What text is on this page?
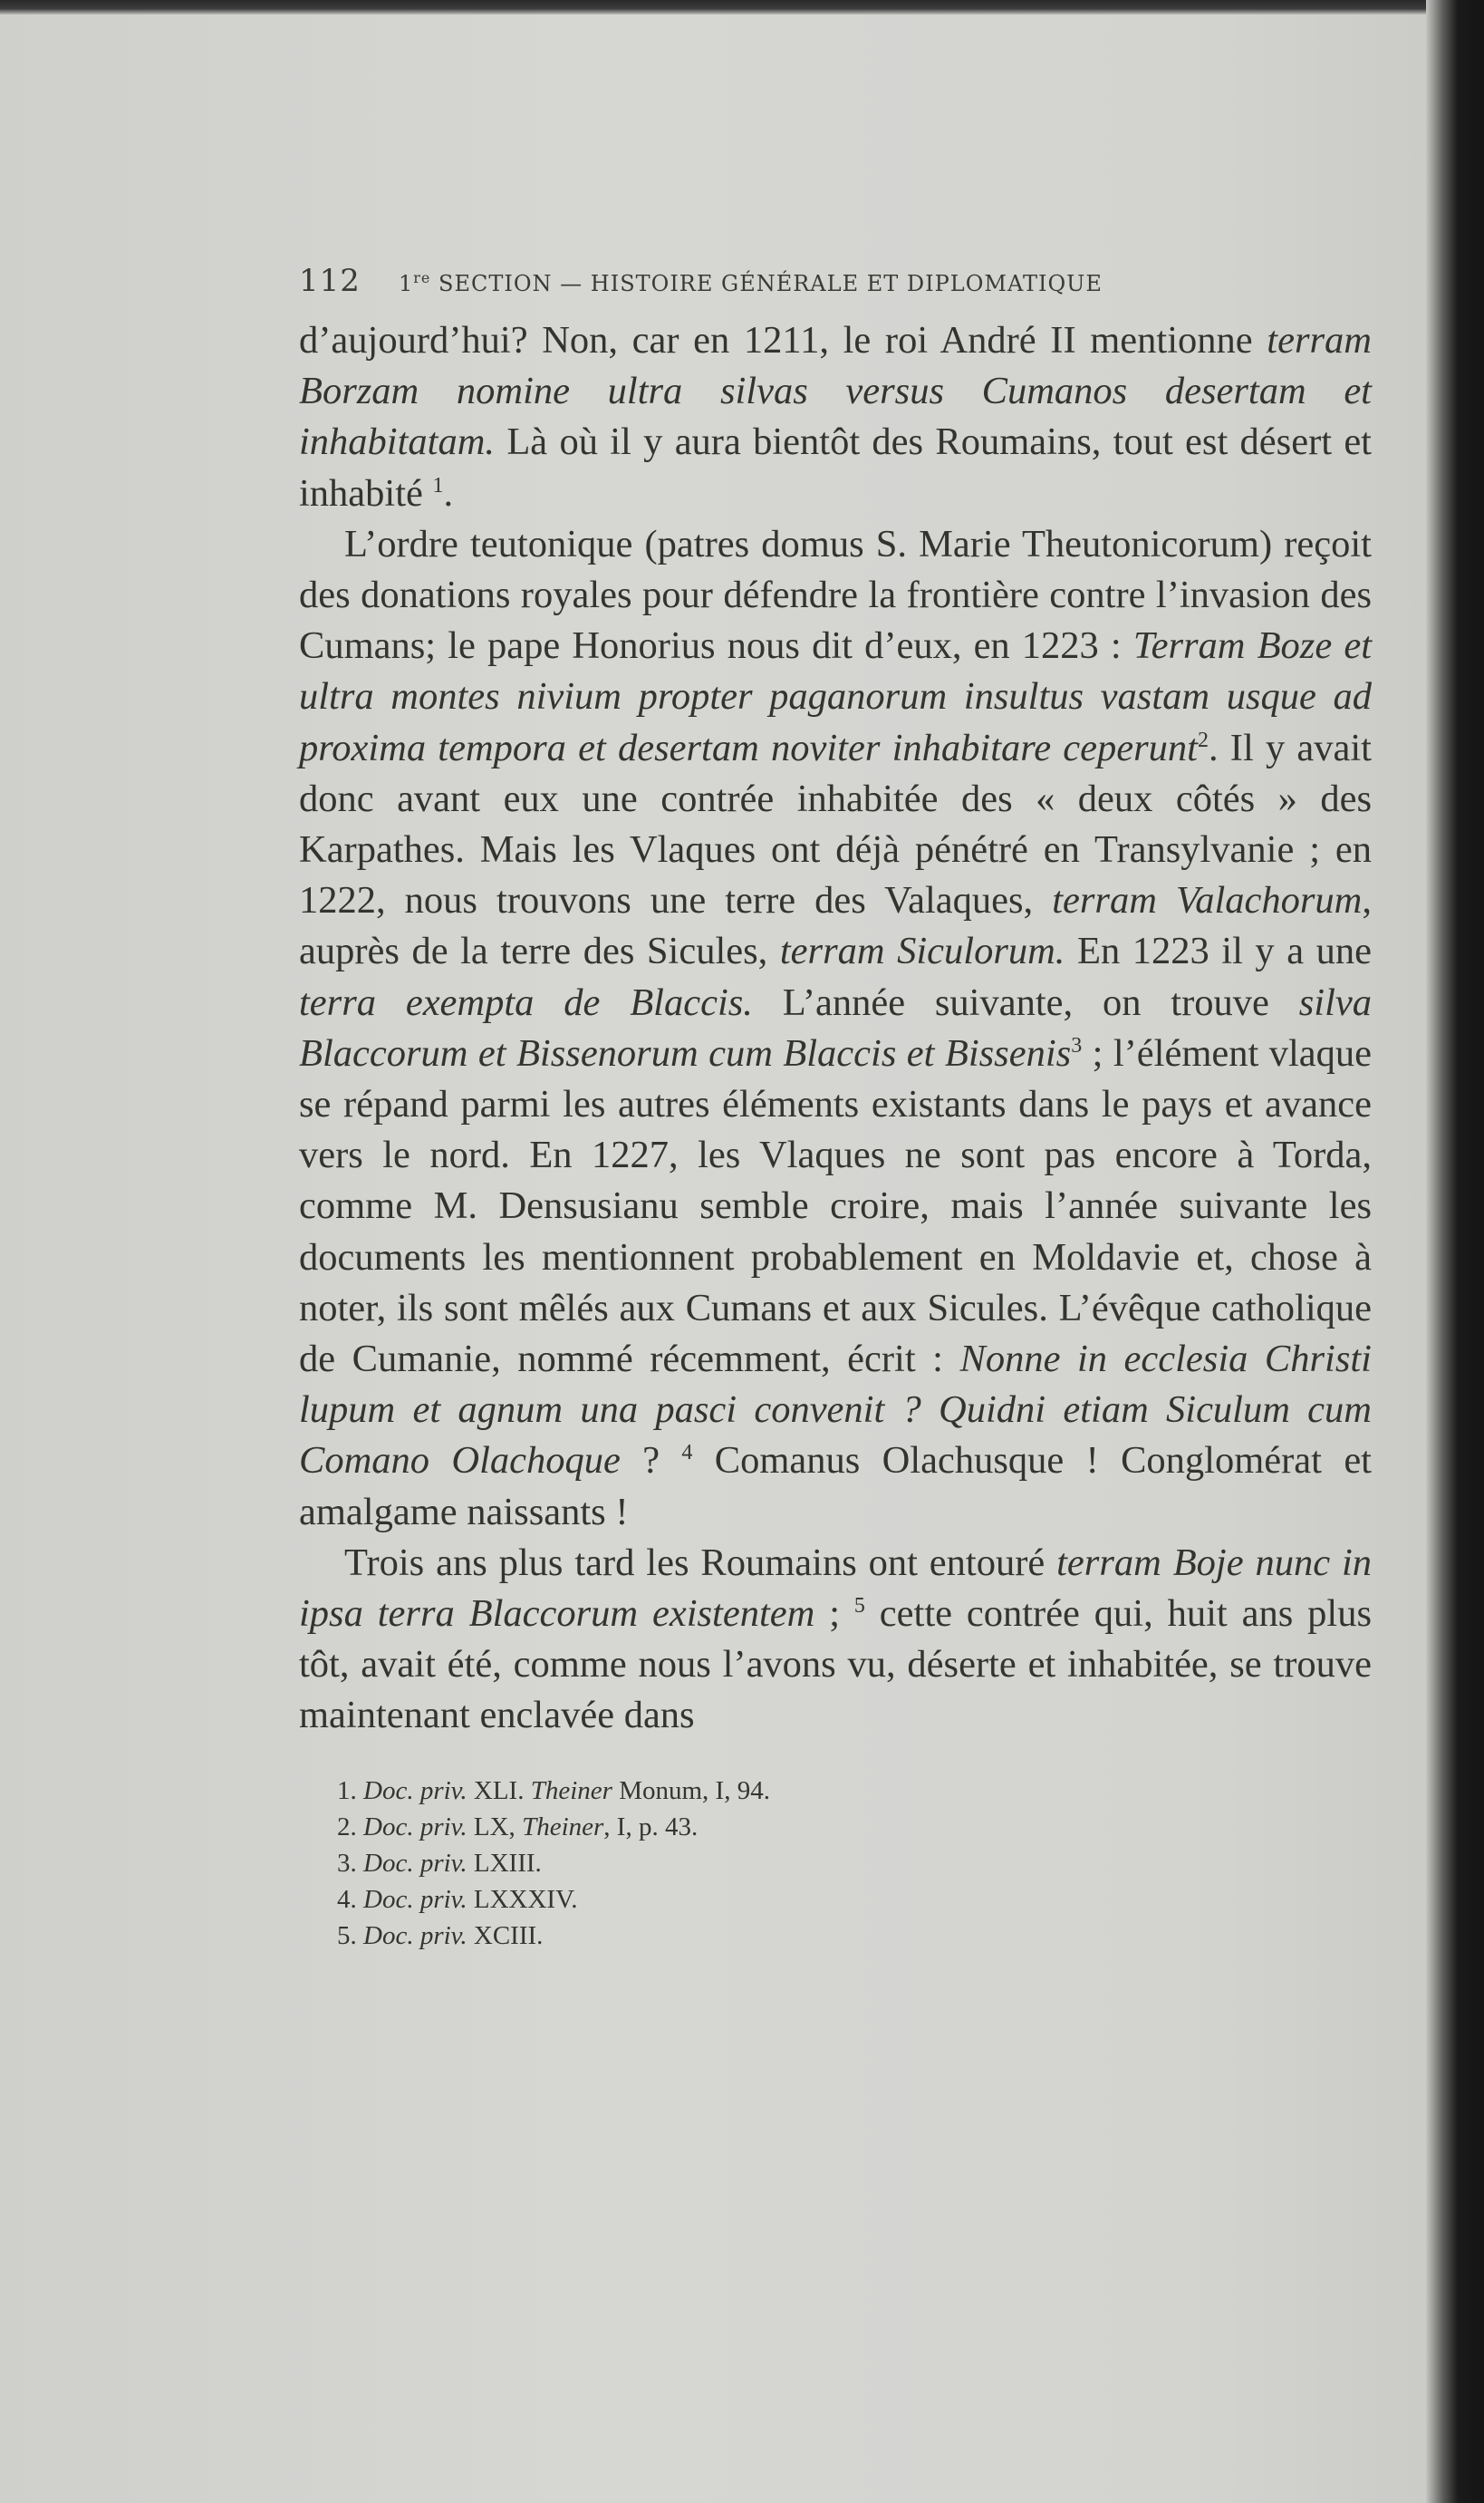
112	1re SECTION — HISTOIRE GÉNÉRALE ET DIPLOMATIQUE

d’aujourd’hui? Non, car en 1211, le roi André II mentionne terram Borzam nomine ultra silvas versus Cumanos desertam et inhabitatam. Là où il y aura bientôt des Roumains, tout est désert et inhabité $^1$.

L’ordre teutonique (patres domus S. Marie Theutonicorum) reçoit des donations royales pour défendre la frontière contre l’invasion des Cumans; le pape Honorius nous dit d’eux, en 1223 : Terram Boze et ultra montes nivium propter paganorum insultus vastam usque ad proxima tempora et desertam noviter inhabitare ceperunt$^2$. Il y avait donc avant eux une contrée inhabitée des « deux côtés » des Karpathes. Mais les Vlaques ont déjà pénétré en Transylvanie ; en 1222, nous trouvons une terre des Valaques, terram Valachorum, auprès de la terre des Sicules, terram Siculorum. En 1223 il y a une terra exempta de Blaccis. L’année suivante, on trouve silva Blaccorum et Bissenorum cum Blaccis et Bissenis$^3$ ; l’élément vlaque se répand parmi les autres éléments existants dans le pays et avance vers le nord. En 1227, les Vlaques ne sont pas encore à Torda, comme M. Densusianu semble croire, mais l’année suivante les documents les mentionnent probablement en Moldavie et, chose à noter, ils sont mêlés aux Cumans et aux Sicules. L’évêque catholique de Cumanie, nommé récemment, écrit : Nonne in ecclesia Christi lupum et agnum una pasci convenit ? Quidni etiam Siculum cum Comano Olachoque ? $^4$ Comanus Olachusque ! Conglomérat et amalgame naissants !

Trois ans plus tard les Roumains ont entouré terram Boje nunc in ipsa terra Blaccorum existentem ; $^5$ cette contrée qui, huit ans plus tôt, avait été, comme nous l’avons vu, déserte et inhabitée, se trouve maintenant enclavée dans

1. Doc. priv. XLI. Theiner Monum, I, 94.
2. Doc. priv. LX, Theiner, I, p. 43.
3. Doc. priv. LXIII.
4. Doc. priv. LXXXIV.
5. Doc. priv. XCIII.
